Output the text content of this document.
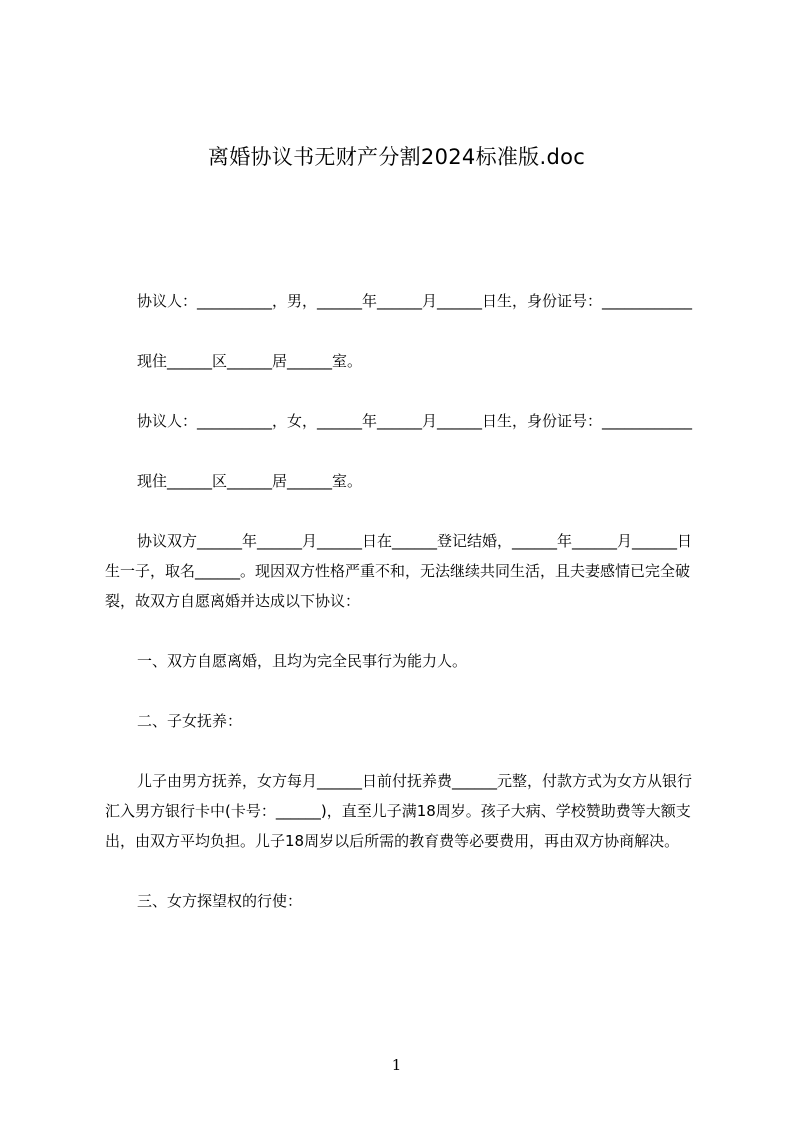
离婚协议书无财产分割2024标准版.doc

协议人：__________，男，______年______月______日生，身份证号：____________

现住______区______居______室。

协议人：__________，女，______年______月______日生，身份证号：____________

现住______区______居______室。

协议双方______年______月______日在______登记结婚，______年______月______日生一子，取名______。现因双方性格严重不和，无法继续共同生活，且夫妻感情已完全破裂，故双方自愿离婚并达成以下协议：

一、双方自愿离婚，且均为完全民事行为能力人。

二、子女抚养：

儿子由男方抚养，女方每月______日前付抚养费______元整，付款方式为女方从银行汇入男方银行卡中(卡号：______)，直至儿子满18周岁。孩子大病、学校赞助费等大额支出，由双方平均负担。儿子18周岁以后所需的教育费等必要费用，再由双方协商解决。

三、女方探望权的行使：

1
